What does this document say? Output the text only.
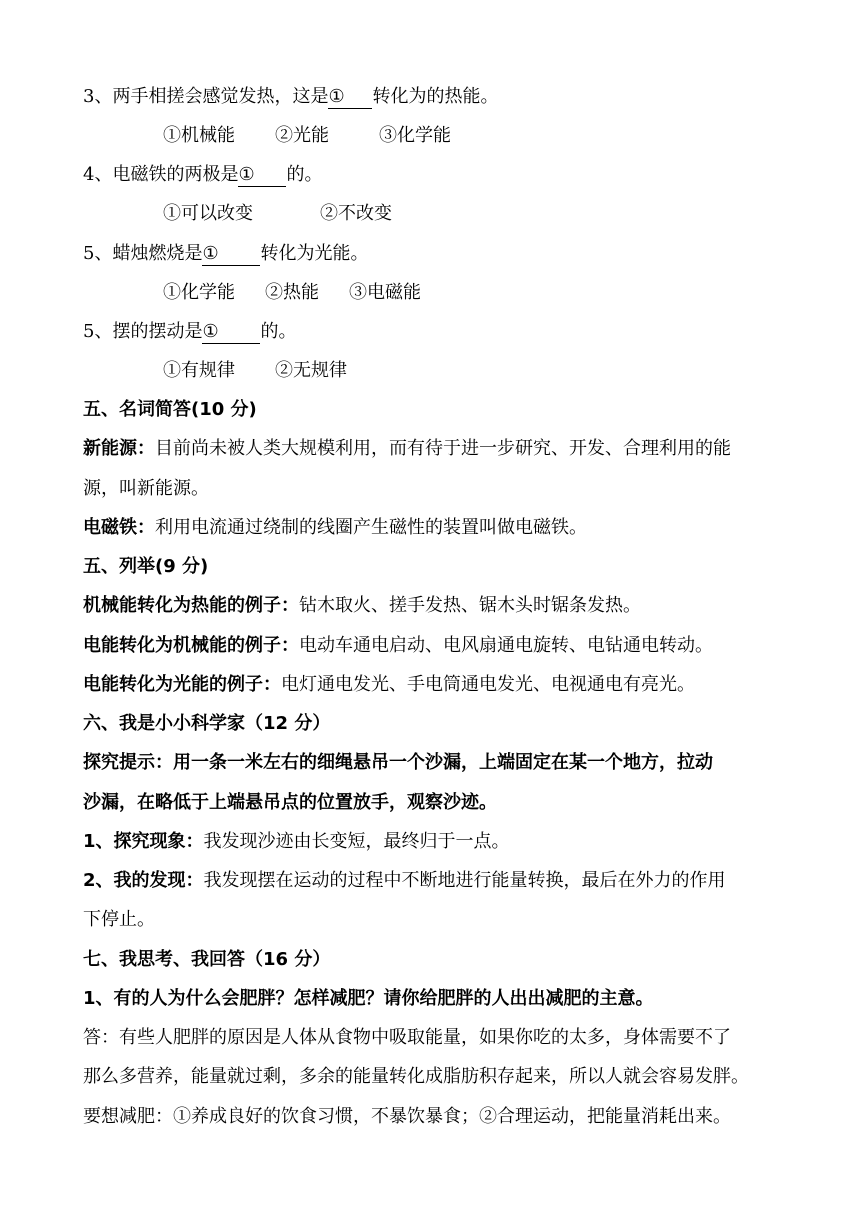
3、两手相搓会感觉发热，这是① 转化为的热能。
①机械能 ②光能	③化学能
4、电磁铁的两极是① 的。
①可以改变	②不改变
5、蜡烛燃烧是① 转化为光能。
①化学能 ②热能 ③电磁能
5、摆的摆动是① 的。
①有规律 ②无规律
五、名词简答(10 分)
新能源：目前尚未被人类大规模利用，而有待于进一步研究、开发、合理利用的能
源，叫新能源。
电磁铁：利用电流通过绕制的线圈产生磁性的装置叫做电磁铁。
五、列举(9 分)
机械能转化为热能的例子：钻木取火、搓手发热、锯木头时锯条发热。
电能转化为机械能的例子：电动车通电启动、电风扇通电旋转、电钻通电转动。
电能转化为光能的例子：电灯通电发光、手电筒通电发光、电视通电有亮光。
六、我是小小科学家（12 分）
探究提示：用一条一米左右的细绳悬吊一个沙漏，上端固定在某一个地方，拉动
沙漏，在略低于上端悬吊点的位置放手，观察沙迹。
1、探究现象：我发现沙迹由长变短，最终归于一点。
2、我的发现：我发现摆在运动的过程中不断地进行能量转换，最后在外力的作用
下停止。
七、我思考、我回答（16 分）
1、有的人为什么会肥胖？怎样减肥？请你给肥胖的人出出减肥的主意。
答：有些人肥胖的原因是人体从食物中吸取能量，如果你吃的太多，身体需要不了
那么多营养，能量就过剩，多余的能量转化成脂肪积存起来，所以人就会容易发胖。
要想减肥：①养成良好的饮食习惯，不暴饮暴食；②合理运动，把能量消耗出来。
